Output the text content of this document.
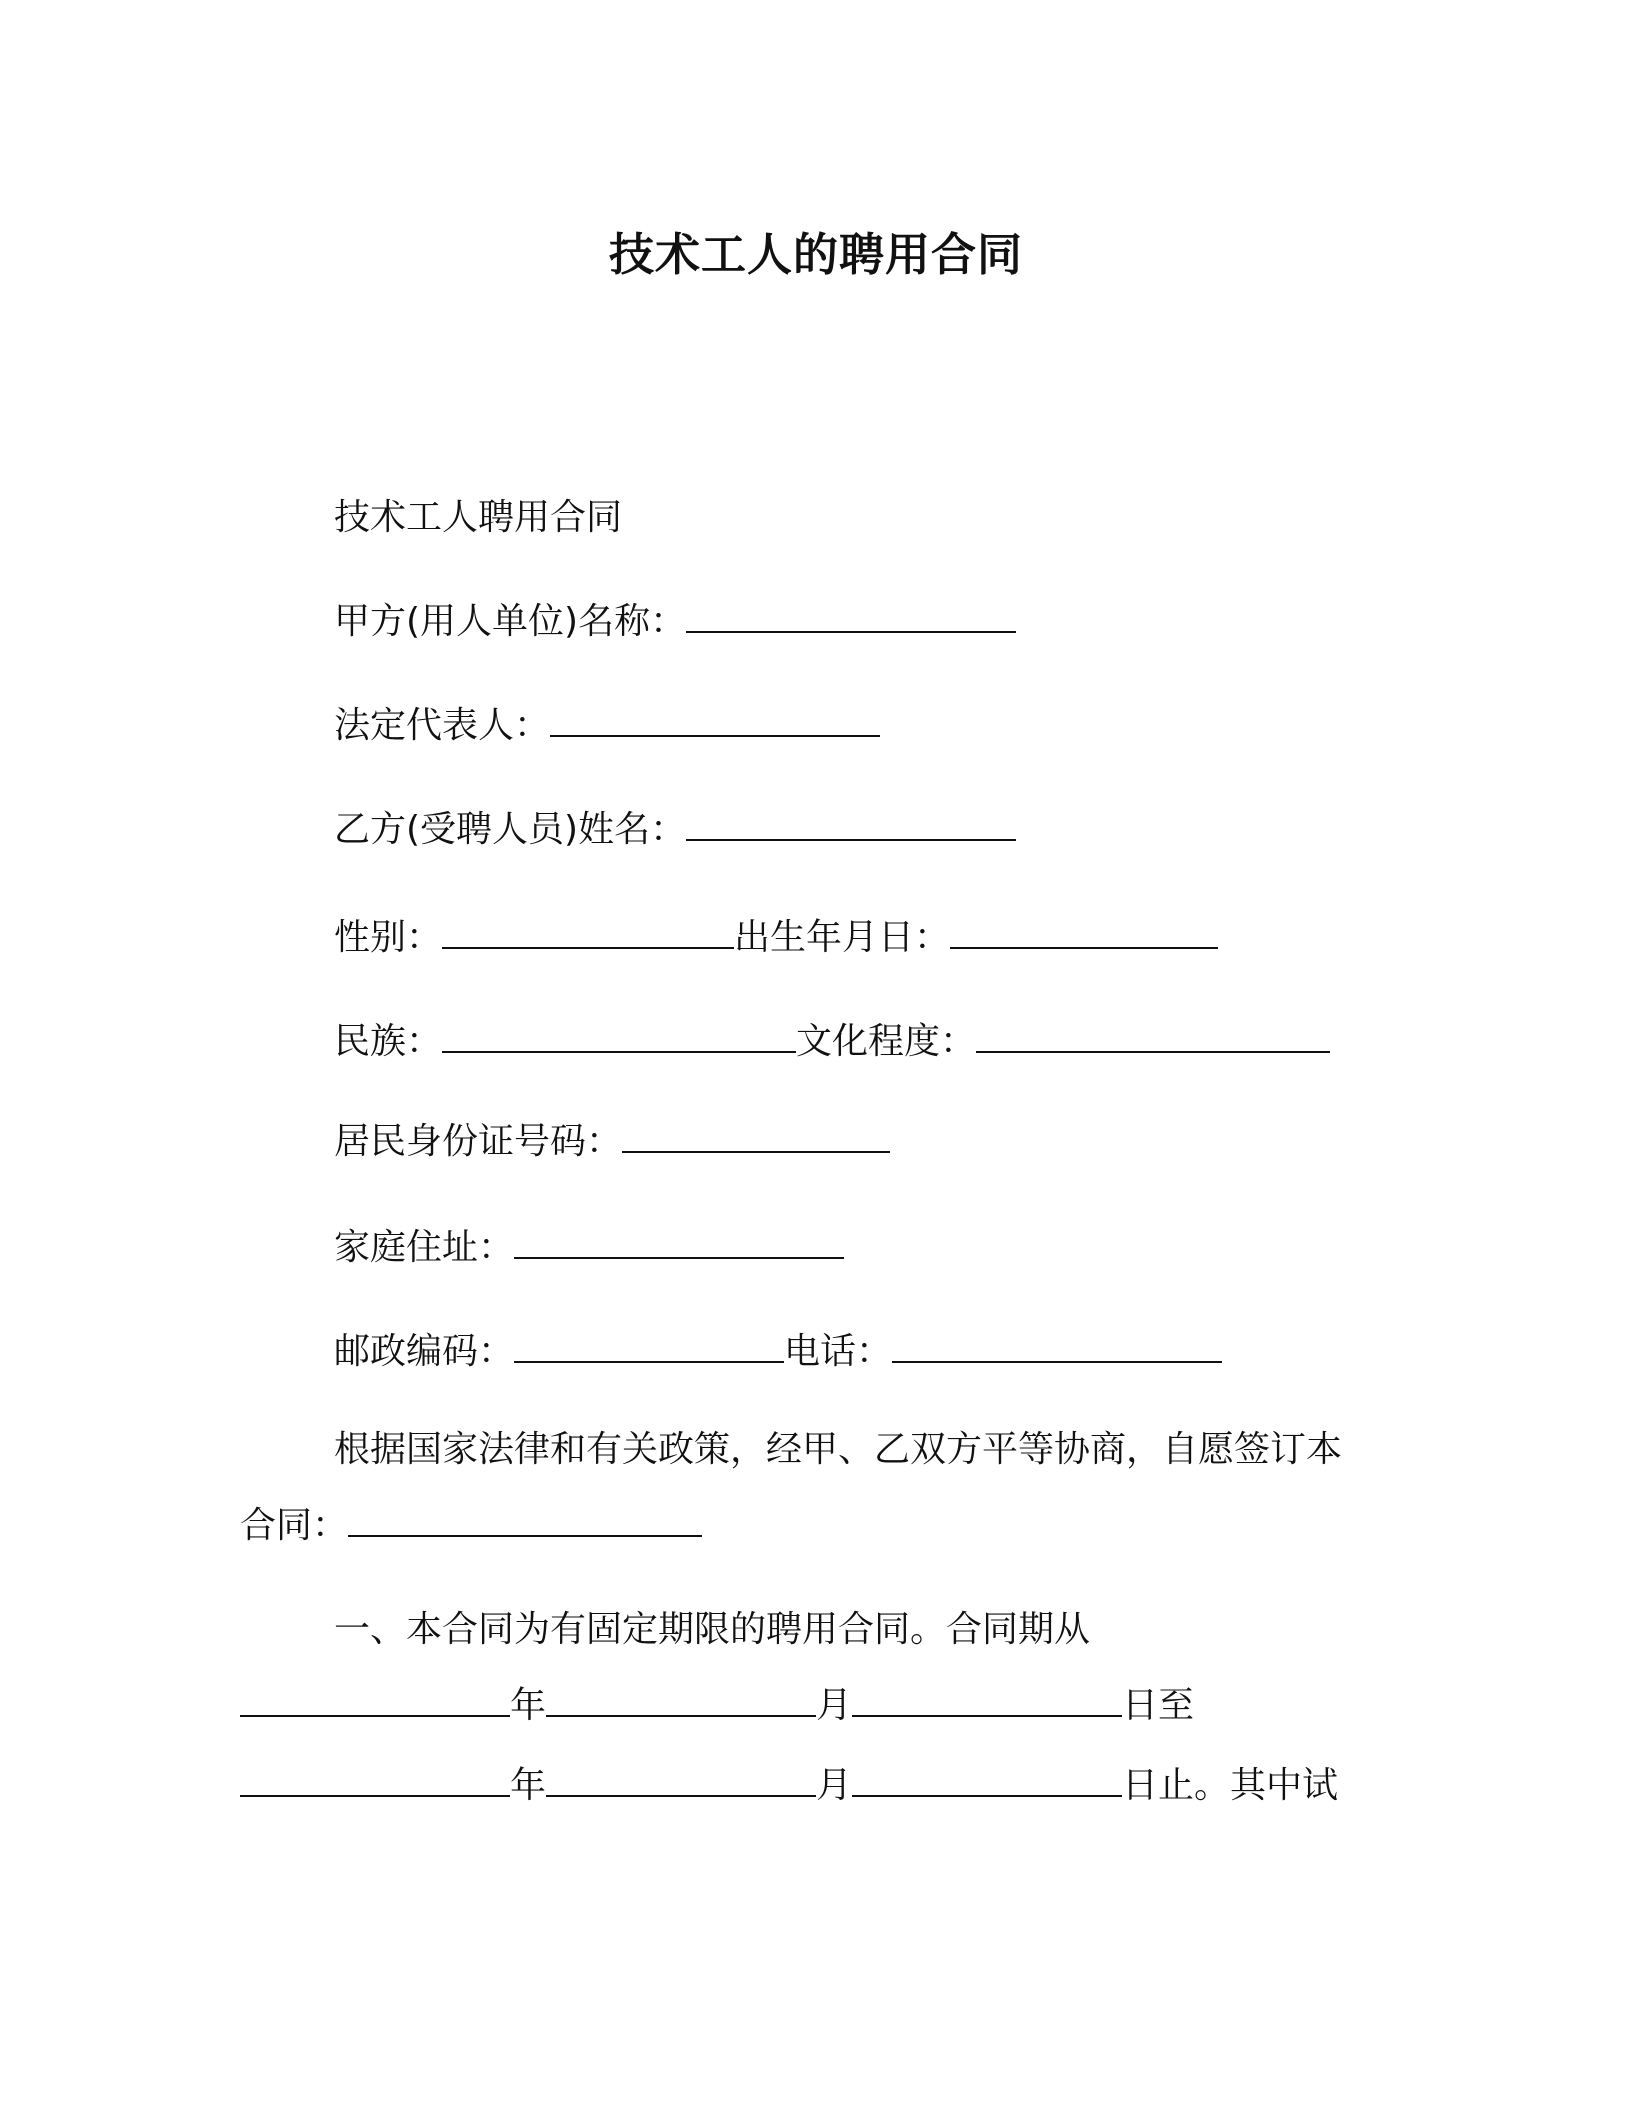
技术工人的聘用合同
技术工人聘用合同
甲方(用人单位)名称：
法定代表人：
乙方(受聘人员)姓名：
性别：	出生年月日：
民族：	文化程度：
居民身份证号码：
家庭住址：
邮政编码：	电话：
根据国家法律和有关政策，经甲、乙双方平等协商，自愿签订本
合同：
一、本合同为有固定期限的聘用合同。合同期从
年	月	日至
年	月	日止。其中试
